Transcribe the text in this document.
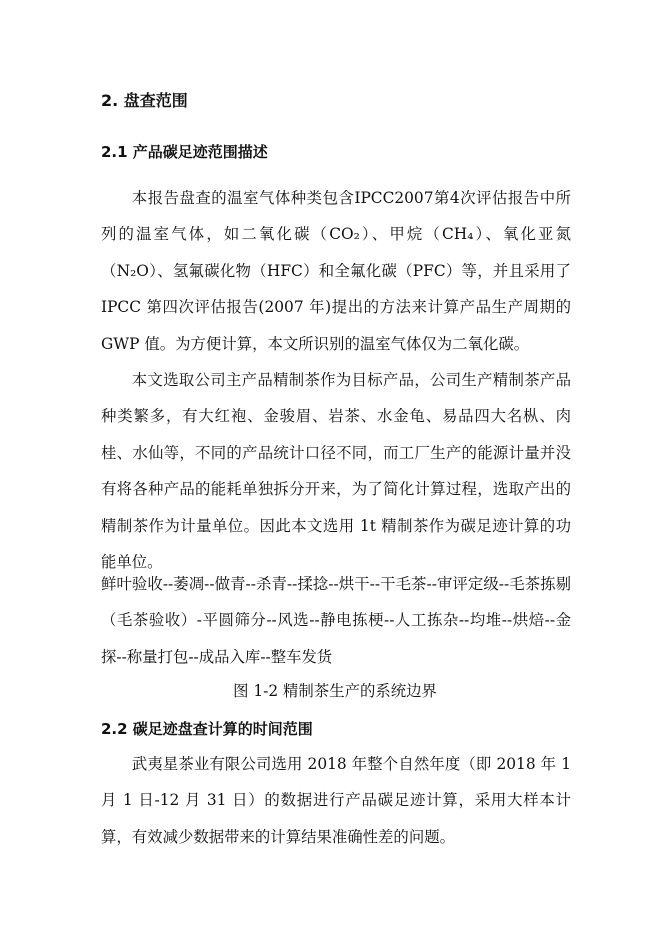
2. 盘查范围
2.1 产品碳足迹范围描述

本报告盘查的温室气体种类包含IPCC2007第4次评估报告中所列的温室气体，如二氧化碳（CO₂）、甲烷（CH₄）、氧化亚氮（N₂O）、氢氟碳化物（HFC）和全氟化碳（PFC）等，并且采用了 IPCC 第四次评估报告(2007 年)提出的方法来计算产品生产周期的 GWP 值。为方便计算，本文所识别的温室气体仅为二氧化碳。

本文选取公司主产品精制茶作为目标产品，公司生产精制茶产品种类繁多，有大红袍、金骏眉、岩茶、水金龟、易品四大名枞、肉桂、水仙等，不同的产品统计口径不同，而工厂生产的能源计量并没有将各种产品的能耗单独拆分开来，为了简化计算过程，选取产出的精制茶作为计量单位。因此本文选用 1t 精制茶作为碳足迹计算的功能单位。

鲜叶验收--萎凋--做青--杀青--揉捻--烘干--干毛茶--审评定级--毛茶拣剔（毛茶验收）-平圆筛分--风选--静电拣梗--人工拣杂--均堆--烘焙--金探--称量打包--成品入库--整车发货

图 1-2 精制茶生产的系统边界

2.2 碳足迹盘查计算的时间范围

武夷星茶业有限公司选用 2018 年整个自然年度（即 2018 年 1 月 1 日-12 月 31 日）的数据进行产品碳足迹计算，采用大样本计算，有效减少数据带来的计算结果准确性差的问题。
